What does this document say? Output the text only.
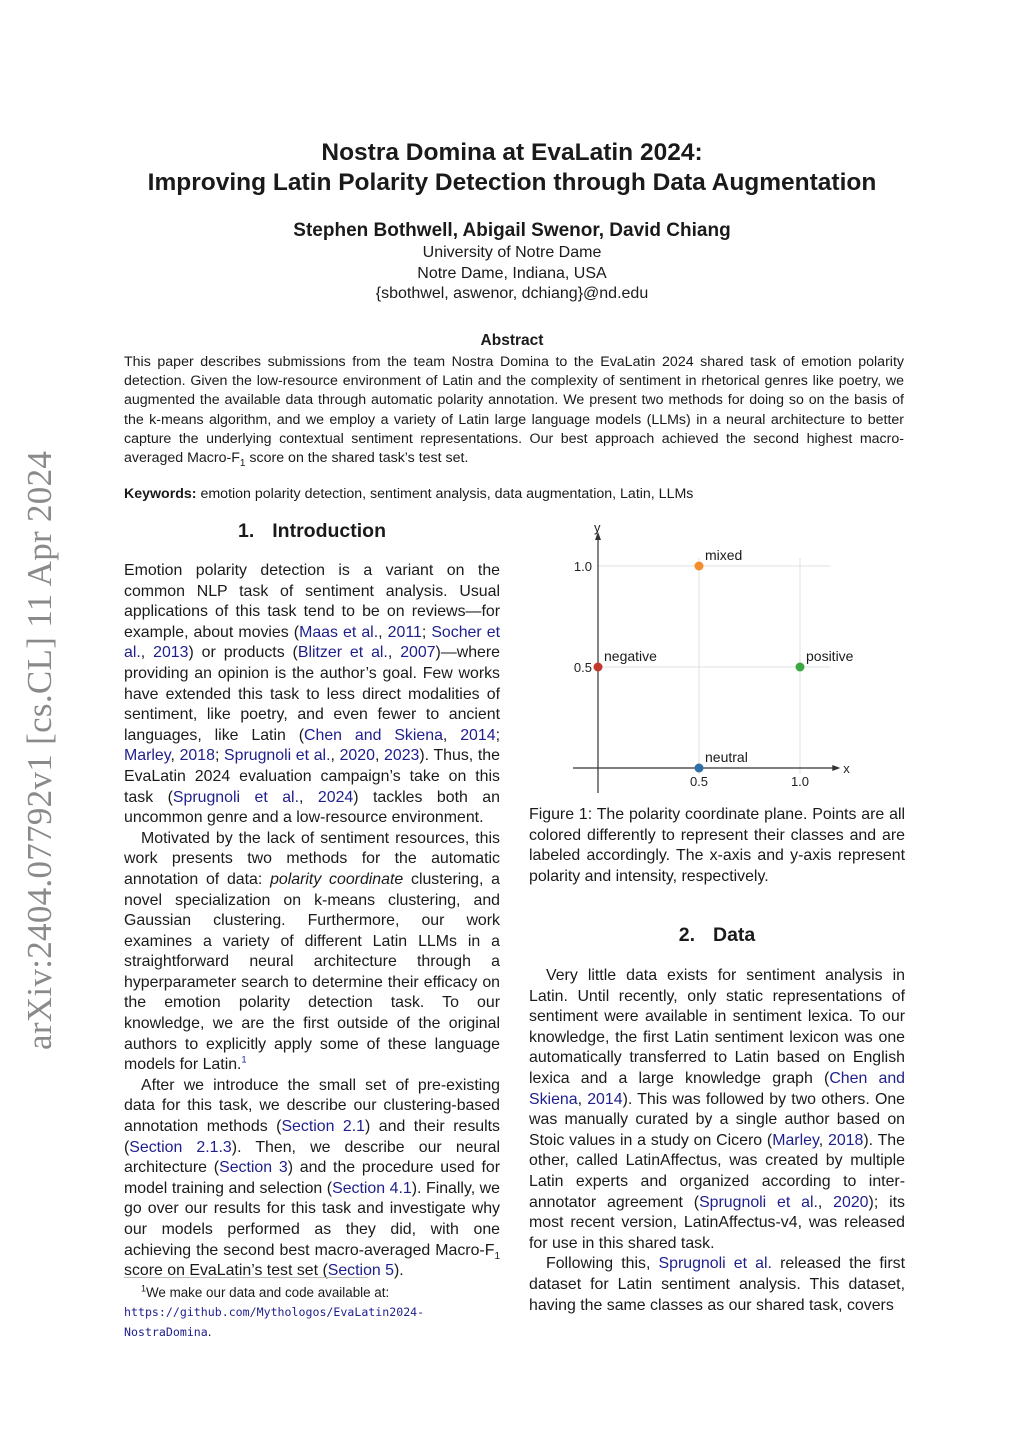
arXiv:2404.07792v1 [cs.CL] 11 Apr 2024
Nostra Domina at EvaLatin 2024:
Improving Latin Polarity Detection through Data Augmentation
Stephen Bothwell, Abigail Swenor, David Chiang
University of Notre Dame
Notre Dame, Indiana, USA
{sbothwel, aswenor, dchiang}@nd.edu
Abstract
This paper describes submissions from the team Nostra Domina to the EvaLatin 2024 shared task of emotion polarity detection. Given the low-resource environment of Latin and the complexity of sentiment in rhetorical genres like poetry, we augmented the available data through automatic polarity annotation. We present two methods for doing so on the basis of the k-means algorithm, and we employ a variety of Latin large language models (LLMs) in a neural architecture to better capture the underlying contextual sentiment representations. Our best approach achieved the second highest macro-averaged Macro-$F_1$ score on the shared task’s test set.
Keywords: emotion polarity detection, sentiment analysis, data augmentation, Latin, LLMs
1. Introduction

Emotion polarity detection is a variant on the common NLP task of sentiment analysis. Usual applications of this task tend to be on reviews—for example, about movies (Maas et al., 2011; Socher et al., 2013) or products (Blitzer et al., 2007)—where providing an opinion is the author’s goal. Few works have extended this task to less direct modalities of sentiment, like poetry, and even fewer to ancient languages, like Latin (Chen and Skiena, 2014; Marley, 2018; Sprugnoli et al., 2020, 2023). Thus, the EvaLatin 2024 evaluation campaign’s take on this task (Sprugnoli et al., 2024) tackles both an uncommon genre and a low-resource environment.

Motivated by the lack of sentiment resources, this work presents two methods for the automatic annotation of data: polarity coordinate clustering, a novel specialization on k-means clustering, and Gaussian clustering. Furthermore, our work examines a variety of different Latin LLMs in a straightforward neural architecture through a hyperparameter search to determine their efficacy on the emotion polarity detection task. To our knowledge, we are the first outside of the original authors to explicitly apply some of these language models for Latin.$^1$

After we introduce the small set of pre-existing data for this task, we describe our clustering-based annotation methods (Section 2.1) and their results (Section 2.1.3). Then, we describe our neural architecture (Section 3) and the procedure used for model training and selection (Section 4.1). Finally, we go over our results for this task and investigate why our models performed as they did, with one achieving the second best macro-averaged Macro-$F_1$ score on EvaLatin’s test set (Section 5).

$^1$We make our data and code available at: https://github.com/Mythologos/EvaLatin2024-NostraDomina.
x
y
0.5	1.0
0.5
1.0
mixed
negative	positive
neutral
Figure 1: The polarity coordinate plane. Points are all colored differently to represent their classes and are labeled accordingly. The x-axis and y-axis represent polarity and intensity, respectively.
2. Data

Very little data exists for sentiment analysis in Latin. Until recently, only static representations of sentiment were available in sentiment lexica. To our knowledge, the first Latin sentiment lexicon was one automatically transferred to Latin based on English lexica and a large knowledge graph (Chen and Skiena, 2014). This was followed by two others. One was manually curated by a single author based on Stoic values in a study on Cicero (Marley, 2018). The other, called LatinAffectus, was created by multiple Latin experts and organized according to inter-annotator agreement (Sprugnoli et al., 2020); its most recent version, LatinAffectus-v4, was released for use in this shared task.

Following this, Sprugnoli et al. released the first dataset for Latin sentiment analysis. This dataset, having the same classes as our shared task, covers
